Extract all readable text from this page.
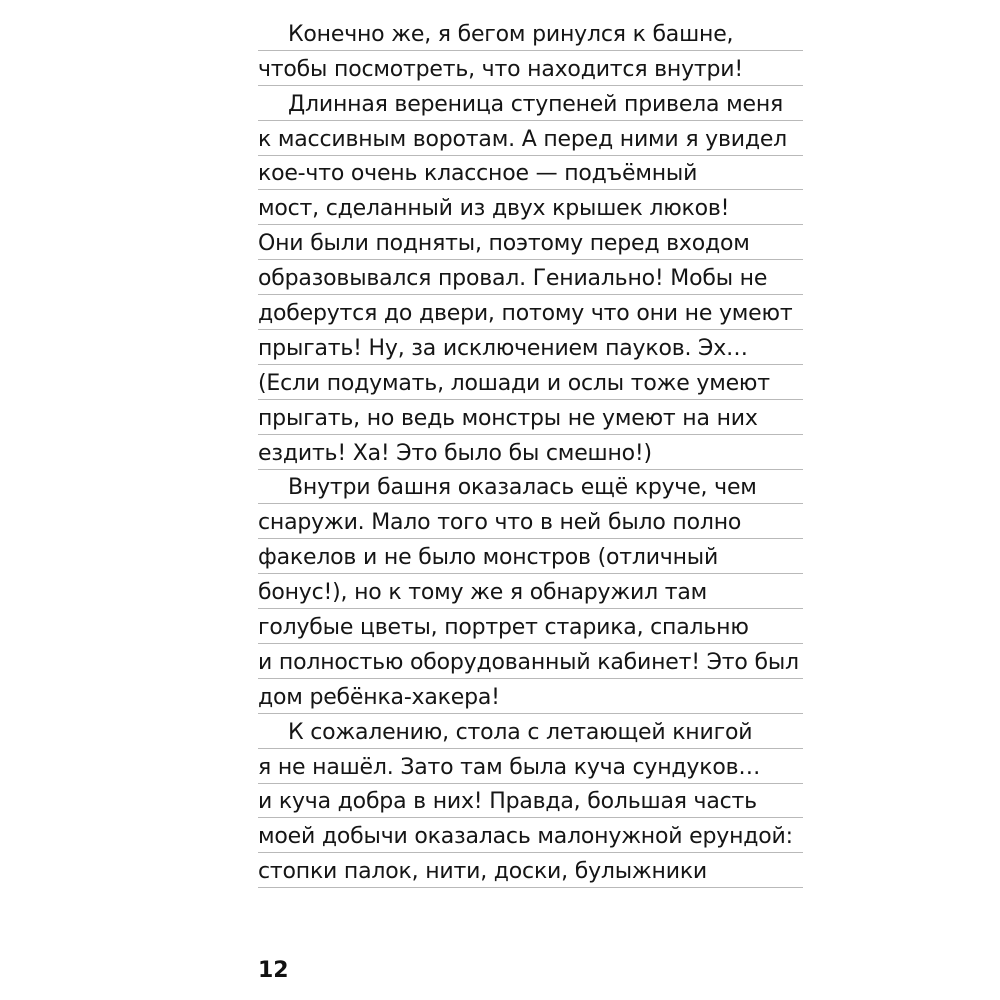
Конечно же, я бегом ринулся к башне,
чтобы посмотреть, что находится внутри!
Длинная вереница ступеней привела меня
к массивным воротам. А перед ними я увидел
кое-что очень классное — подъёмный
мост, сделанный из двух крышек люков!
Они были подняты, поэтому перед входом
образовывался провал. Гениально! Мобы не
доберутся до двери, потому что они не умеют
прыгать! Ну, за исключением пауков. Эх…
(Если подумать, лошади и ослы тоже умеют
прыгать, но ведь монстры не умеют на них
ездить! Ха! Это было бы смешно!)
Внутри башня оказалась ещё круче, чем
снаружи. Мало того что в ней было полно
факелов и не было монстров (отличный
бонус!), но к тому же я обнаружил там
голубые цветы, портрет старика, спальню
и полностью оборудованный кабинет! Это был
дом ребёнка-хакера!
К сожалению, стола с летающей книгой
я не нашёл. Зато там была куча сундуков…
и куча добра в них! Правда, большая часть
моей добычи оказалась малонужной ерундой:
стопки палок, нити, доски, булыжники
12
